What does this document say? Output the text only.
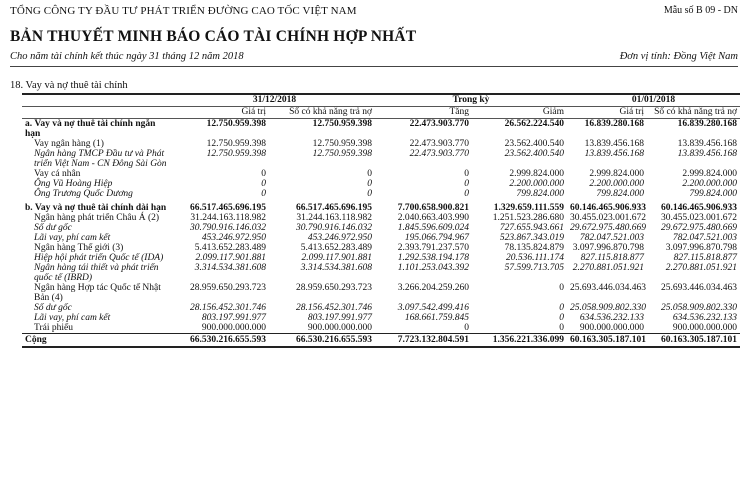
TỔNG CÔNG TY ĐẦU TƯ PHÁT TRIỂN ĐƯỜNG CAO TỐC VIỆT NAM	Mẫu số B 09 - DN
BẢN THUYẾT MINH BÁO CÁO TÀI CHÍNH HỢP NHẤT
Cho năm tài chính kết thúc ngày 31 tháng 12 năm 2018	Đơn vị tính: Đồng Việt Nam
18. Vay và nợ thuê tài chính
	31/12/2018		Trong kỳ		01/01/2018	
	Giá trị	Số có khả năng trả nợ	Tăng	Giảm	Giá trị	Số có khả năng trả nợ
a. Vay và nợ thuê tài chính ngắn hạn	12.750.959.398	12.750.959.398	22.473.903.770	26.562.224.540	16.839.280.168	16.839.280.168
Vay ngân hàng (1)	12.750.959.398	12.750.959.398	22.473.903.770	23.562.400.540	13.839.456.168	13.839.456.168
Ngân hàng TMCP Đầu tư và Phát triển Việt Nam - CN Đông Sài Gòn	12.750.959.398	12.750.959.398	22.473.903.770	23.562.400.540	13.839.456.168	13.839.456.168
Vay cá nhân	0	0	0	2.999.824.000	2.999.824.000	2.999.824.000
Ông Vũ Hoàng Hiệp	0	0	0	2.200.000.000	2.200.000.000	2.200.000.000
Ông Trương Quốc Dương	0	0	0	799.824.000	799.824.000	799.824.000
b. Vay và nợ thuê tài chính dài hạn	66.517.465.696.195	66.517.465.696.195	7.700.658.900.821	1.329.659.111.559	60.146.465.906.933	60.146.465.906.933
Ngân hàng phát triển Châu Á (2)	31.244.163.118.982	31.244.163.118.982	2.040.663.403.990	1.251.523.286.680	30.455.023.001.672	30.455.023.001.672
Số dư gốc	30.790.916.146.032	30.790.916.146.032	1.845.596.609.024	727.655.943.661	29.672.975.480.669	29.672.975.480.669
Lãi vay, phí cam kết	453.246.972.950	453.246.972.950	195.066.794.967	523.867.343.019	782.047.521.003	782.047.521.003
Ngân hàng Thế giới (3)	5.413.652.283.489	5.413.652.283.489	2.393.791.237.570	78.135.824.879	3.097.996.870.798	3.097.996.870.798
Hiệp hội phát triển Quốc tế (IDA)	2.099.117.901.881	2.099.117.901.881	1.292.538.194.178	20.536.111.174	827.115.818.877	827.115.818.877
Ngân hàng tái thiết và phát triển quốc tế (IBRD)	3.314.534.381.608	3.314.534.381.608	1.101.253.043.392	57.599.713.705	2.270.881.051.921	2.270.881.051.921
Ngân hàng Hợp tác Quốc tế Nhật Bản (4)	28.959.650.293.723	28.959.650.293.723	3.266.204.259.260	0	25.693.446.034.463	25.693.446.034.463
Số dư gốc	28.156.452.301.746	28.156.452.301.746	3.097.542.499.416	0	25.058.909.802.330	25.058.909.802.330
Lãi vay, phí cam kết	803.197.991.977	803.197.991.977	168.661.759.845	0	634.536.232.133	634.536.232.133
Trái phiếu	900.000.000.000	900.000.000.000	0	0	900.000.000.000	900.000.000.000
Cộng	66.530.216.655.593	66.530.216.655.593	7.723.132.804.591	1.356.221.336.099	60.163.305.187.101	60.163.305.187.101
